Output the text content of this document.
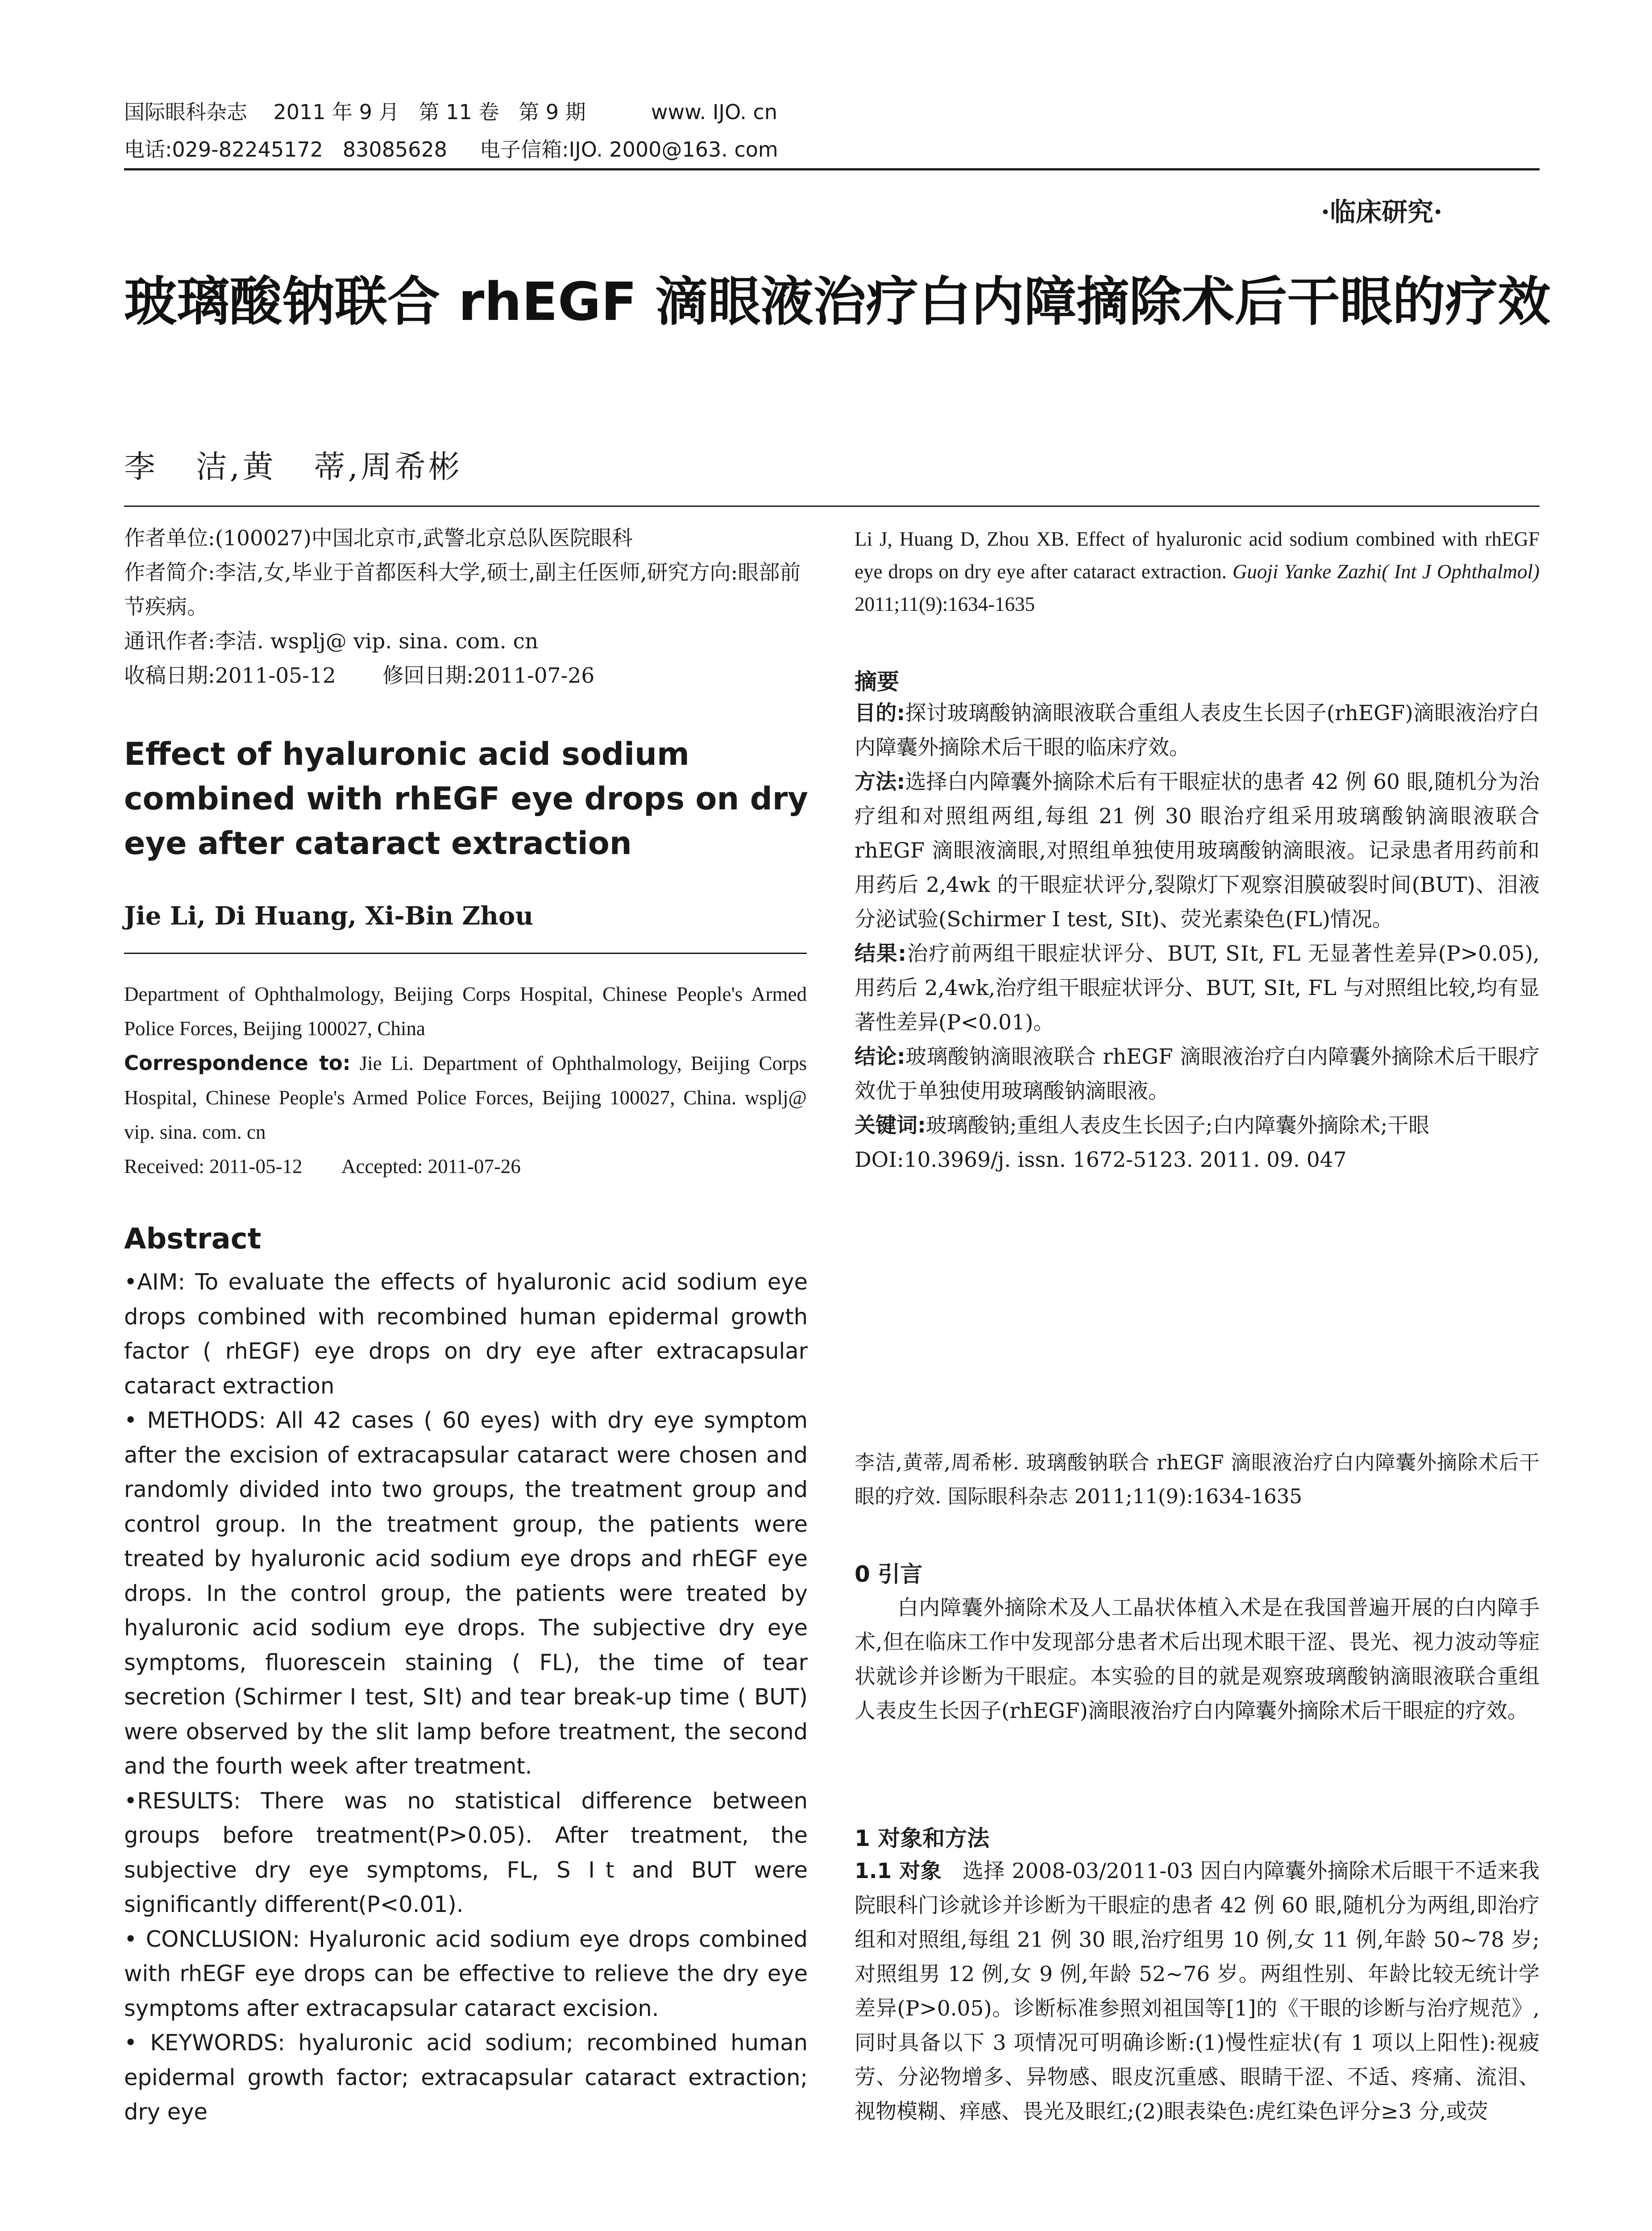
国际眼科杂志    2011 年 9 月   第 11 卷   第 9 期          www. IJO. cn
电话:029-82245172   83085628     电子信箱:IJO. 2000@163. com
·临床研究·
玻璃酸钠联合 rhEGF 滴眼液治疗白内障摘除术后干眼的疗效
李   洁,黄   蒂,周希彬
作者单位:(100027)中国北京市,武警北京总队医院眼科
作者简介:李洁,女,毕业于首都医科大学,硕士,副主任医师,研究方向:眼部前节疾病。
通讯作者:李洁. wsplj@ vip. sina. com. cn
收稿日期:2011-05-12       修回日期:2011-07-26
Effect of hyaluronic acid sodium combined with rhEGF eye drops on dry eye after cataract extraction
Jie Li, Di Huang, Xi-Bin Zhou
Department of Ophthalmology, Beijing Corps Hospital, Chinese People's Armed Police Forces, Beijing 100027, China
Correspondence to: Jie Li. Department of Ophthalmology, Beijing Corps Hospital, Chinese People's Armed Police Forces, Beijing 100027, China. wsplj@ vip. sina. com. cn
Received: 2011-05-12        Accepted: 2011-07-26
Abstract
•AIM: To evaluate the effects of hyaluronic acid sodium eye drops combined with recombined human epidermal growth factor ( rhEGF) eye drops on dry eye after extracapsular cataract extraction
• METHODS: All 42 cases ( 60 eyes) with dry eye symptom after the excision of extracapsular cataract were chosen and randomly divided into two groups, the treatment group and control group. In the treatment group, the patients were treated by hyaluronic acid sodium eye drops and rhEGF eye drops. In the control group, the patients were treated by hyaluronic acid sodium eye drops. The subjective dry eye symptoms, fluorescein staining ( FL), the time of tear secretion (Schirmer Ⅰ test, SⅠt) and tear break-up time ( BUT) were observed by the slit lamp before treatment, the second and the fourth week after treatment.
•RESULTS: There was no statistical difference between groups before treatment(P>0.05). After treatment, the subjective dry eye symptoms, FL, S Ⅰt and BUT were significantly different(P<0.01).
• CONCLUSION: Hyaluronic acid sodium eye drops combined with rhEGF eye drops can be effective to relieve the dry eye symptoms after extracapsular cataract excision.
• KEYWORDS: hyaluronic acid sodium; recombined human epidermal growth factor; extracapsular cataract extraction; dry eye
Li J, Huang D, Zhou XB. Effect of hyaluronic acid sodium combined with rhEGF eye drops on dry eye after cataract extraction. Guoji Yanke Zazhi( Int J Ophthalmol) 2011;11(9):1634-1635
摘要
目的:探讨玻璃酸钠滴眼液联合重组人表皮生长因子(rhEGF)滴眼液治疗白内障囊外摘除术后干眼的临床疗效。
方法:选择白内障囊外摘除术后有干眼症状的患者 42 例 60 眼,随机分为治疗组和对照组两组,每组 21 例 30 眼治疗组采用玻璃酸钠滴眼液联合 rhEGF 滴眼液滴眼,对照组单独使用玻璃酸钠滴眼液。记录患者用药前和用药后 2,4wk 的干眼症状评分,裂隙灯下观察泪膜破裂时间(BUT)、泪液分泌试验(Schirmer Ⅰ test, SⅠt)、荧光素染色(FL)情况。
结果:治疗前两组干眼症状评分、BUT, SⅠt, FL 无显著性差异(P>0.05),用药后 2,4wk,治疗组干眼症状评分、BUT, SⅠt, FL 与对照组比较,均有显著性差异(P<0.01)。
结论:玻璃酸钠滴眼液联合 rhEGF 滴眼液治疗白内障囊外摘除术后干眼疗效优于单独使用玻璃酸钠滴眼液。
关键词:玻璃酸钠;重组人表皮生长因子;白内障囊外摘除术;干眼
DOI:10.3969/j. issn. 1672-5123. 2011. 09. 047
李洁,黄蒂,周希彬. 玻璃酸钠联合 rhEGF 滴眼液治疗白内障囊外摘除术后干眼的疗效. 国际眼科杂志 2011;11(9):1634-1635
0 引言
白内障囊外摘除术及人工晶状体植入术是在我国普遍开展的白内障手术,但在临床工作中发现部分患者术后出现术眼干涩、畏光、视力波动等症状就诊并诊断为干眼症。本实验的目的就是观察玻璃酸钠滴眼液联合重组人表皮生长因子(rhEGF)滴眼液治疗白内障囊外摘除术后干眼症的疗效。
1 对象和方法
1.1 对象   选择 2008-03/2011-03 因白内障囊外摘除术后眼干不适来我院眼科门诊就诊并诊断为干眼症的患者 42 例 60 眼,随机分为两组,即治疗组和对照组,每组 21 例 30 眼,治疗组男 10 例,女 11 例,年龄 50~78 岁;对照组男 12 例,女 9 例,年龄 52~76 岁。两组性别、年龄比较无统计学差异(P>0.05)。诊断标准参照刘祖国等[1]的《干眼的诊断与治疗规范》,同时具备以下 3 项情况可明确诊断:(1)慢性症状(有 1 项以上阳性):视疲劳、分泌物增多、异物感、眼皮沉重感、眼睛干涩、不适、疼痛、流泪、视物模糊、痒感、畏光及眼红;(2)眼表染色:虎红染色评分≥3 分,或荧
